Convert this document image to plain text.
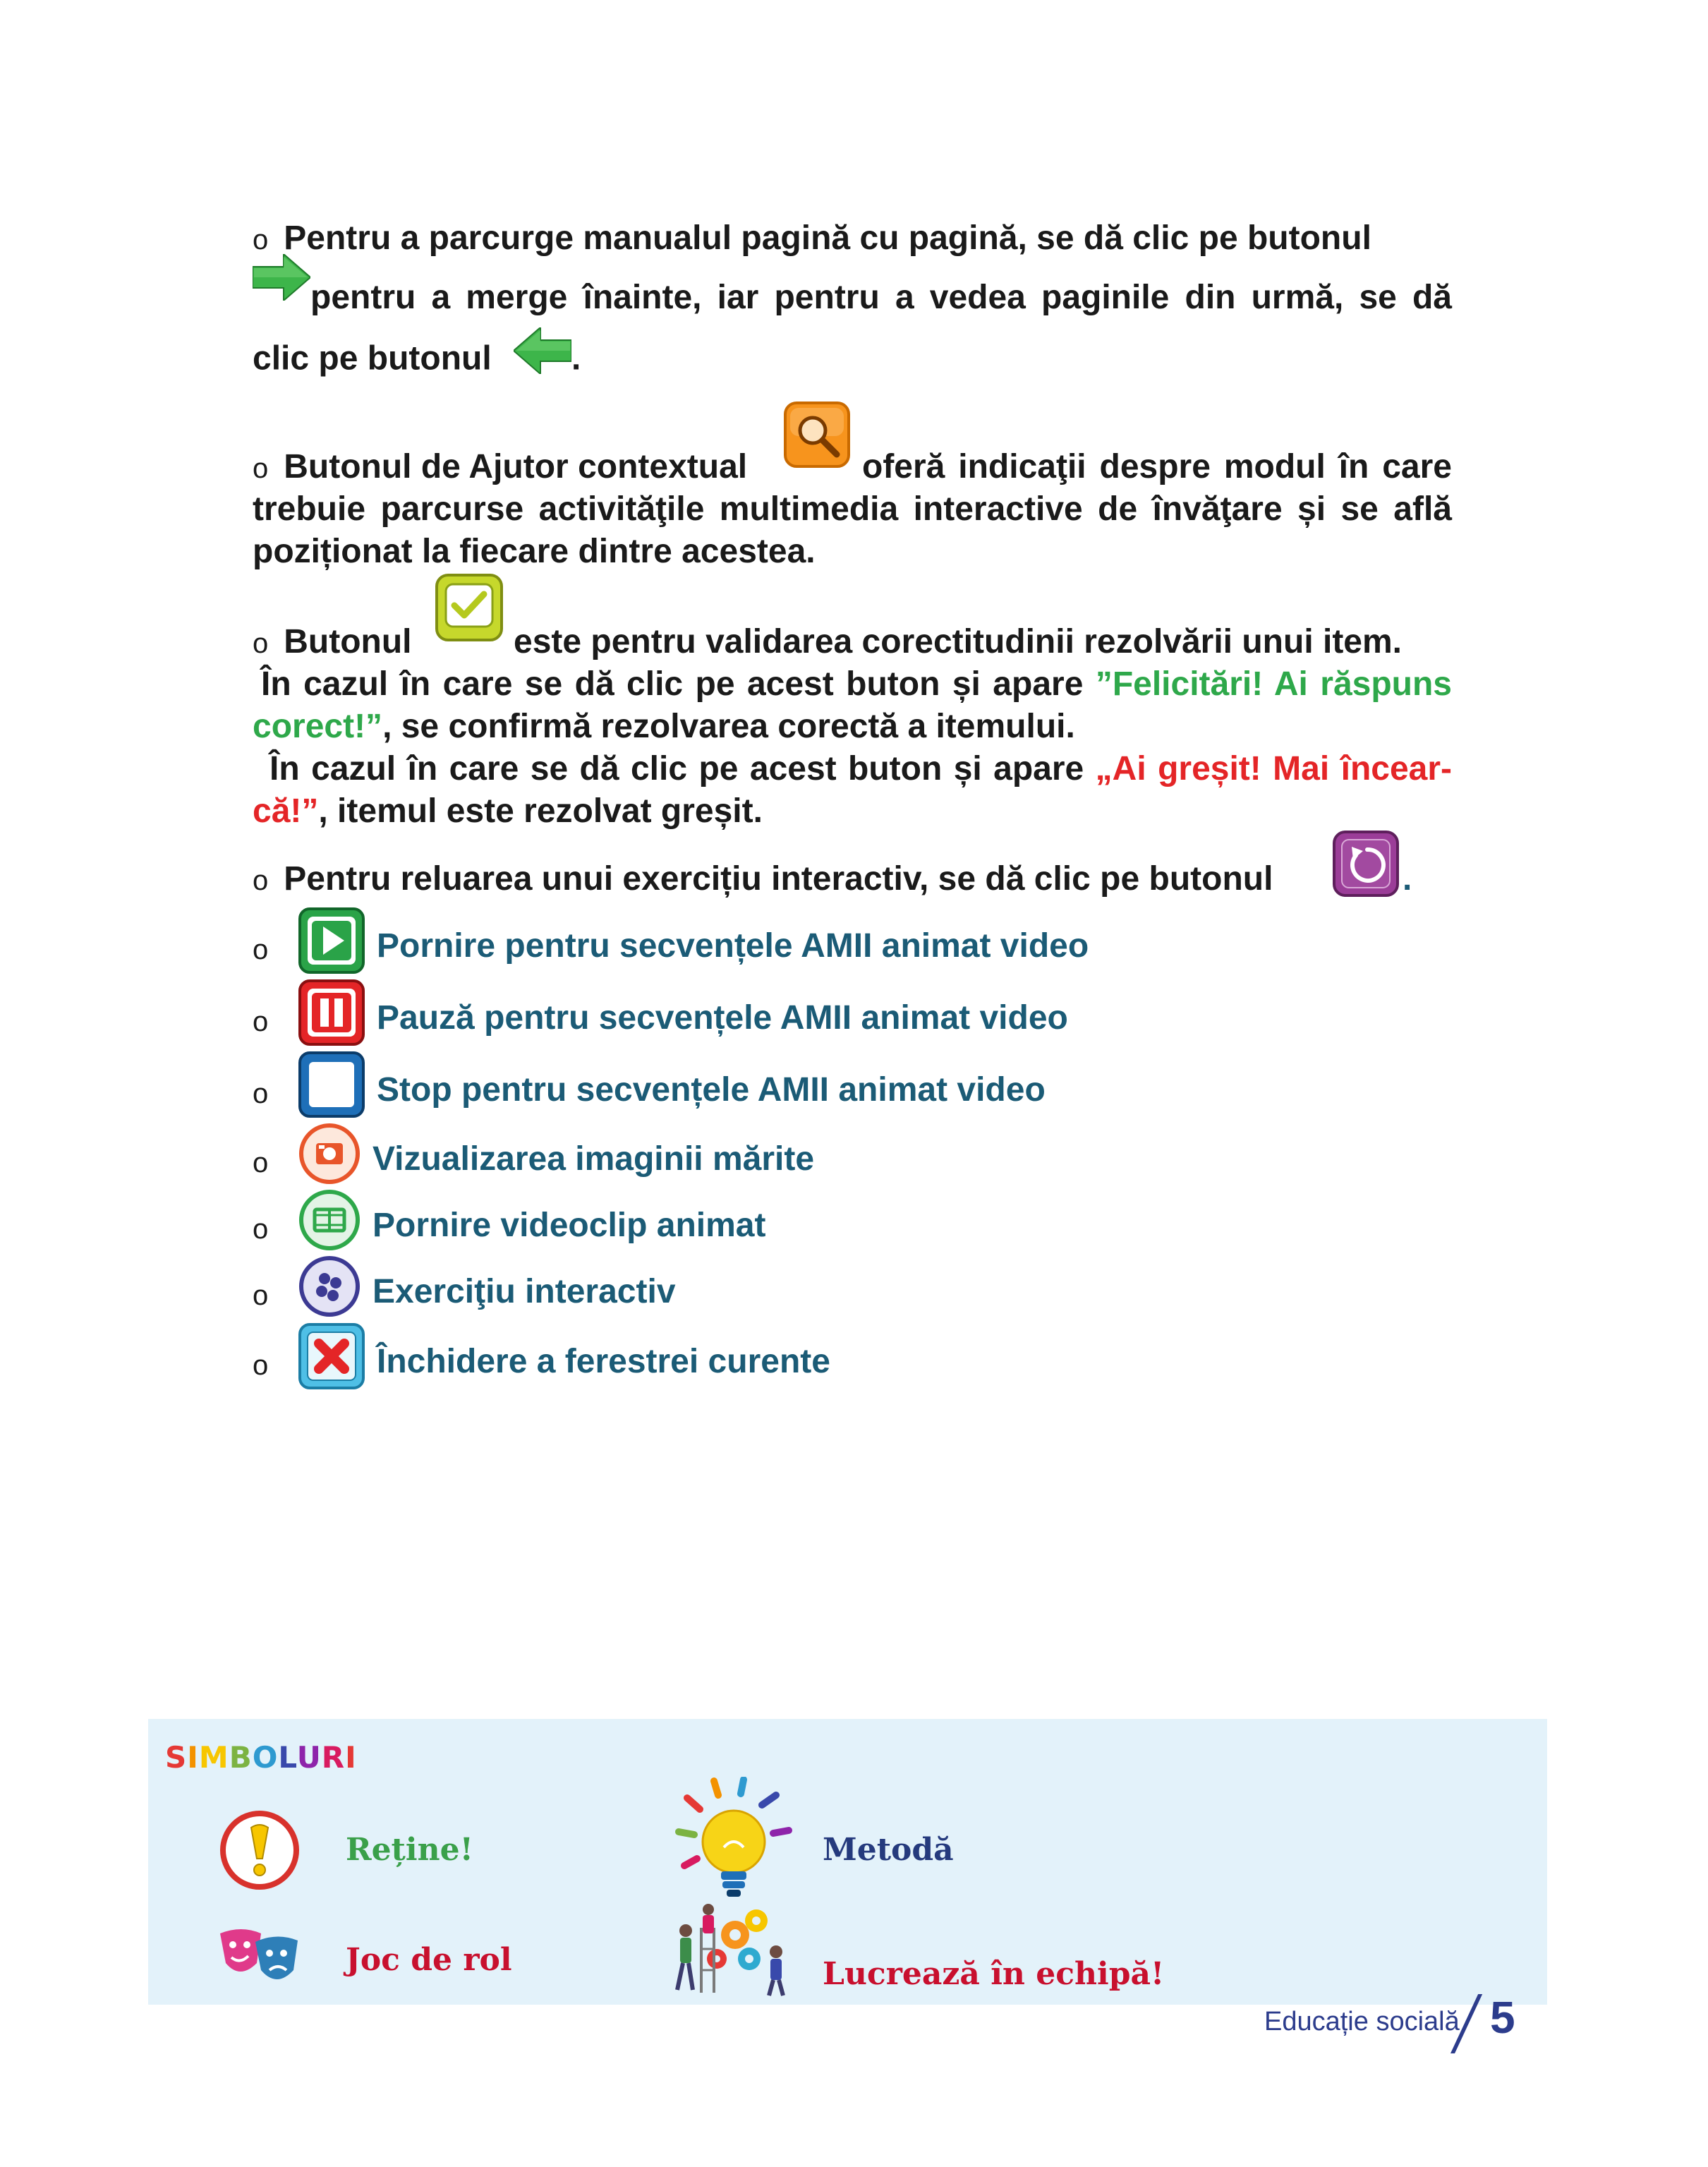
o Pentru a parcurge manualul pagină cu pagină, se dă clic pe butonul
pentru a merge înainte, iar pentru a vedea paginile din urmă, se dă
clic pe butonul .
o Butonul de Ajutor contextual	oferă indicaţii despre modul în care trebuie parcurse activităţile multimedia interactive de învăţare și se află poziționat la fiecare dintre acestea.
o Butonul	este pentru validarea corectitudinii rezolvării unui item.
În cazul în care se dă clic pe acest buton și apare ”Felicitări! Ai răspuns corect!”, se confirmă rezolvarea corectă a itemului.
În cazul în care se dă clic pe acest buton și apare „Ai greșit! Mai încear-că!”, itemul este rezolvat greșit.
o Pentru reluarea unui exercițiu interactiv, se dă clic pe butonul	.
o	Pornire pentru secvențele AMII animat video
o	Pauză pentru secvențele AMII animat video
o	Stop pentru secvențele AMII animat video
o	Vizualizarea imaginii mărite
o	Pornire videoclip animat
o	Exerciţiu interactiv
o	Închidere a ferestrei curente
SIMBOLURI
Reține!	Metodă
Joc de rol	Lucrează în echipă!
Educație socială 5
